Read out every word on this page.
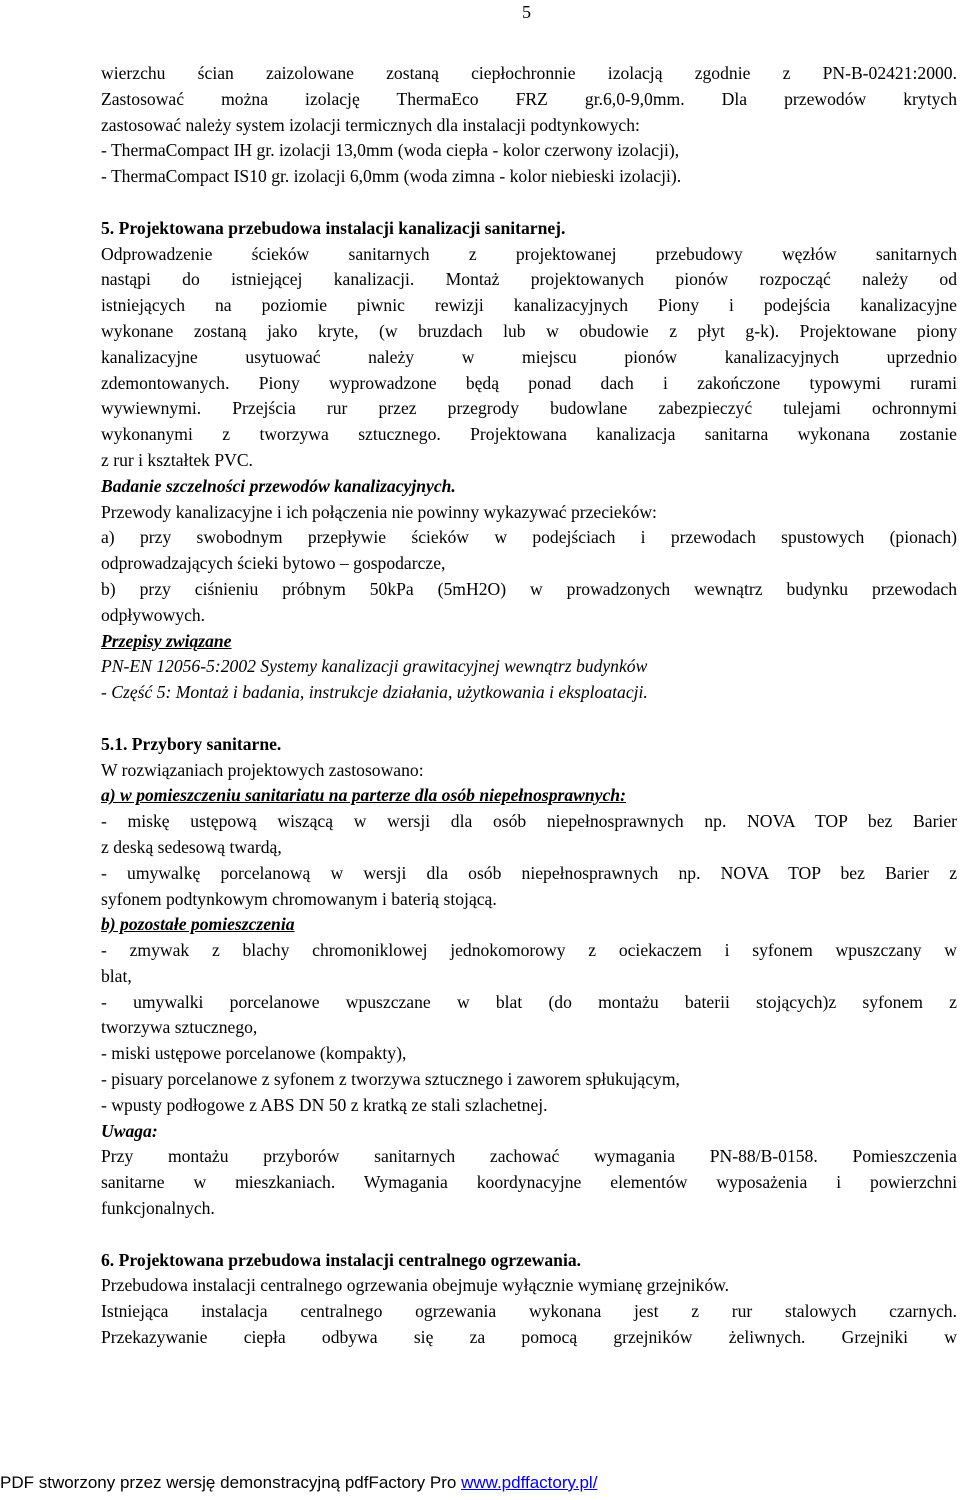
5
wierzchu ścian zaizolowane zostaną ciepłochronnie izolacją zgodnie z PN-B-02421:2000.
Zastosować można izolację ThermaEco FRZ gr.6,0-9,0mm. Dla przewodów krytych
zastosować należy system izolacji termicznych dla instalacji podtynkowych:
- ThermaCompact IH gr. izolacji 13,0mm (woda ciepła - kolor czerwony izolacji),
- ThermaCompact IS10 gr. izolacji 6,0mm (woda zimna - kolor niebieski izolacji).
5. Projektowana przebudowa instalacji kanalizacji sanitarnej.
Odprowadzenie ścieków sanitarnych z projektowanej przebudowy węzłów sanitarnych
nastąpi do istniejącej kanalizacji. Montaż projektowanych pionów rozpocząć należy od
istniejących na poziomie piwnic rewizji kanalizacyjnych Piony i podejścia kanalizacyjne
wykonane zostaną jako kryte, (w bruzdach lub w obudowie z płyt g-k). Projektowane piony
kanalizacyjne usytuować należy w miejscu pionów kanalizacyjnych uprzednio
zdemontowanych. Piony wyprowadzone będą ponad dach i zakończone typowymi rurami
wywiewnymi. Przejścia rur przez przegrody budowlane zabezpieczyć tulejami ochronnymi
wykonanymi z tworzywa sztucznego. Projektowana kanalizacja sanitarna wykonana zostanie
z rur i kształtek PVC.
Badanie szczelności przewodów kanalizacyjnych.
Przewody kanalizacyjne i ich połączenia nie powinny wykazywać przecieków:
a) przy swobodnym przepływie ścieków w podejściach i przewodach spustowych (pionach)
odprowadzających ścieki bytowo – gospodarcze,
b) przy ciśnieniu próbnym 50kPa (5mH2O) w prowadzonych wewnątrz budynku przewodach
odpływowych.
Przepisy związane
PN-EN 12056-5:2002 Systemy kanalizacji grawitacyjnej wewnątrz budynków
- Część 5: Montaż i badania, instrukcje działania, użytkowania i eksploatacji.
5.1. Przybory sanitarne.
W rozwiązaniach projektowych zastosowano:
a) w pomieszczeniu sanitariatu na parterze dla osób niepełnosprawnych:
- miskę ustępową wiszącą w wersji dla osób niepełnosprawnych np. NOVA TOP bez Barier
z deską sedesową twardą,
- umywalkę porcelanową w wersji dla osób niepełnosprawnych np. NOVA TOP bez Barier z
syfonem podtynkowym chromowanym i baterią stojącą.
b) pozostałe pomieszczenia
- zmywak z blachy chromoniklowej jednokomorowy z ociekaczem i syfonem wpuszczany w
blat,
- umywalki porcelanowe wpuszczane w blat (do montażu baterii stojących)z syfonem z
tworzywa sztucznego,
- miski ustępowe porcelanowe (kompakty),
- pisuary porcelanowe z syfonem z tworzywa sztucznego i zaworem spłukującym,
- wpusty podłogowe z ABS DN 50 z kratką ze stali szlachetnej.
Uwaga:
Przy montażu przyborów sanitarnych zachować wymagania PN-88/B-0158. Pomieszczenia
sanitarne w mieszkaniach. Wymagania koordynacyjne elementów wyposażenia i powierzchni
funkcjonalnych.
6. Projektowana przebudowa instalacji centralnego ogrzewania.
Przebudowa instalacji centralnego ogrzewania obejmuje wyłącznie wymianę grzejników.
Istniejąca instalacja centralnego ogrzewania wykonana jest z rur stalowych czarnych.
Przekazywanie ciepła odbywa się za pomocą grzejników żeliwnych. Grzejniki w
PDF stworzony przez wersję demonstracyjną pdfFactory Pro www.pdffactory.pl/
